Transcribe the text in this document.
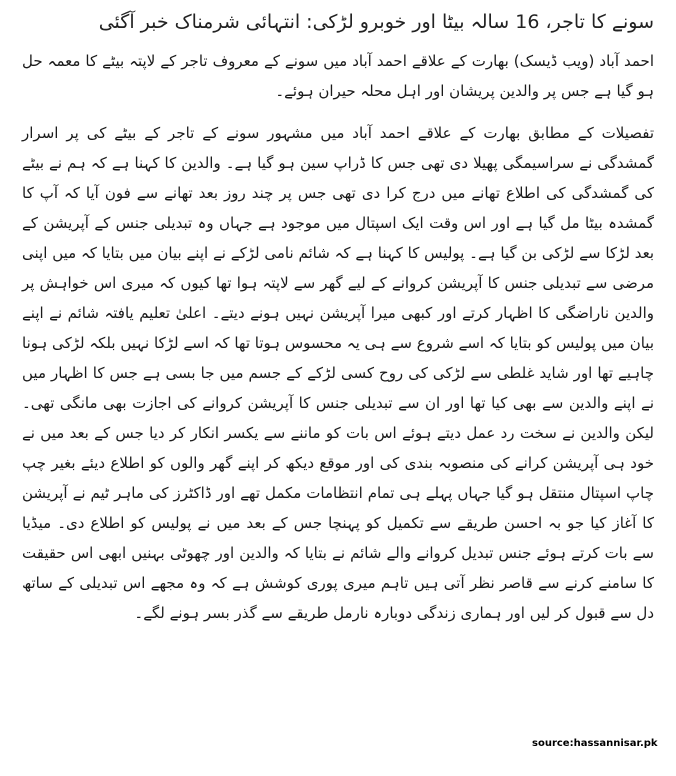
سونے کا تاجر، 16 سالہ بیٹا اور خوبرو لڑکی: انتہائی شرمناک خبر آگئی

احمد آباد (ویب ڈیسک) بھارت کے علاقے احمد آباد میں سونے کے معروف تاجر کے لاپتہ بیٹے کا معمہ حل ہو گیا ہے جس پر والدین پریشان اور اہل محلہ حیران ہوئے۔

تفصیلات کے مطابق بھارت کے علاقے احمد آباد میں مشہور سونے کے تاجر کے بیٹے کی پر اسرار گمشدگی نے سراسیمگی پھیلا دی تھی جس کا ڈراپ سین ہو گیا ہے۔ والدین کا کہنا ہے کہ ہم نے بیٹے کی گمشدگی کی اطلاع تھانے میں درج کرا دی تھی جس پر چند روز بعد تھانے سے فون آیا کہ آپ کا گمشدہ بیٹا مل گیا ہے اور اس وقت ایک اسپتال میں موجود ہے جہاں وہ تبدیلی جنس کے آپریشن کے بعد لڑکا سے لڑکی بن گیا ہے۔ پولیس کا کہنا ہے کہ شائم نامی لڑکے نے اپنے بیان میں بتایا کہ میں اپنی مرضی سے تبدیلی جنس کا آپریشن کروانے کے لیے گھر سے لاپتہ ہوا تھا کیوں کہ میری اس خواہش پر والدین ناراضگی کا اظہار کرتے اور کبھی میرا آپریشن نہیں ہونے دیتے۔ اعلیٰ تعلیم یافتہ شائم نے اپنے بیان میں پولیس کو بتایا کہ اسے شروع سے ہی یہ محسوس ہوتا تھا کہ اسے لڑکا نہیں بلکہ لڑکی ہونا چاہیے تھا اور شاید غلطی سے لڑکی کی روح کسی لڑکے کے جسم میں جا بسی ہے جس کا اظہار میں نے اپنے والدین سے بھی کیا تھا اور ان سے تبدیلی جنس کا آپریشن کروانے کی اجازت بھی مانگی تھی۔ لیکن والدین نے سخت رد عمل دیتے ہوئے اس بات کو ماننے سے یکسر انکار کر دیا جس کے بعد میں نے خود ہی آپریشن کرانے کی منصوبہ بندی کی اور موقع دیکھ کر اپنے گھر والوں کو اطلاع دیئے بغیر چپ چاپ اسپتال منتقل ہو گیا جہاں پہلے ہی تمام انتظامات مکمل تھے اور ڈاکٹرز کی ماہر ٹیم نے آپریشن کا آغاز کیا جو بہ احسن طریقے سے تکمیل کو پہنچا جس کے بعد میں نے پولیس کو اطلاع دی۔ میڈیا سے بات کرتے ہوئے جنس تبدیل کروانے والے شائم نے بتایا کہ والدین اور چھوٹی بہنیں ابھی اس حقیقت کا سامنے کرنے سے قاصر نظر آتی ہیں تاہم میری پوری کوشش ہے کہ وہ مجھے اس تبدیلی کے ساتھ دل سے قبول کر لیں اور ہماری زندگی دوبارہ نارمل طریقے سے گذر بسر ہونے لگے۔

source:hassannisar.pk
